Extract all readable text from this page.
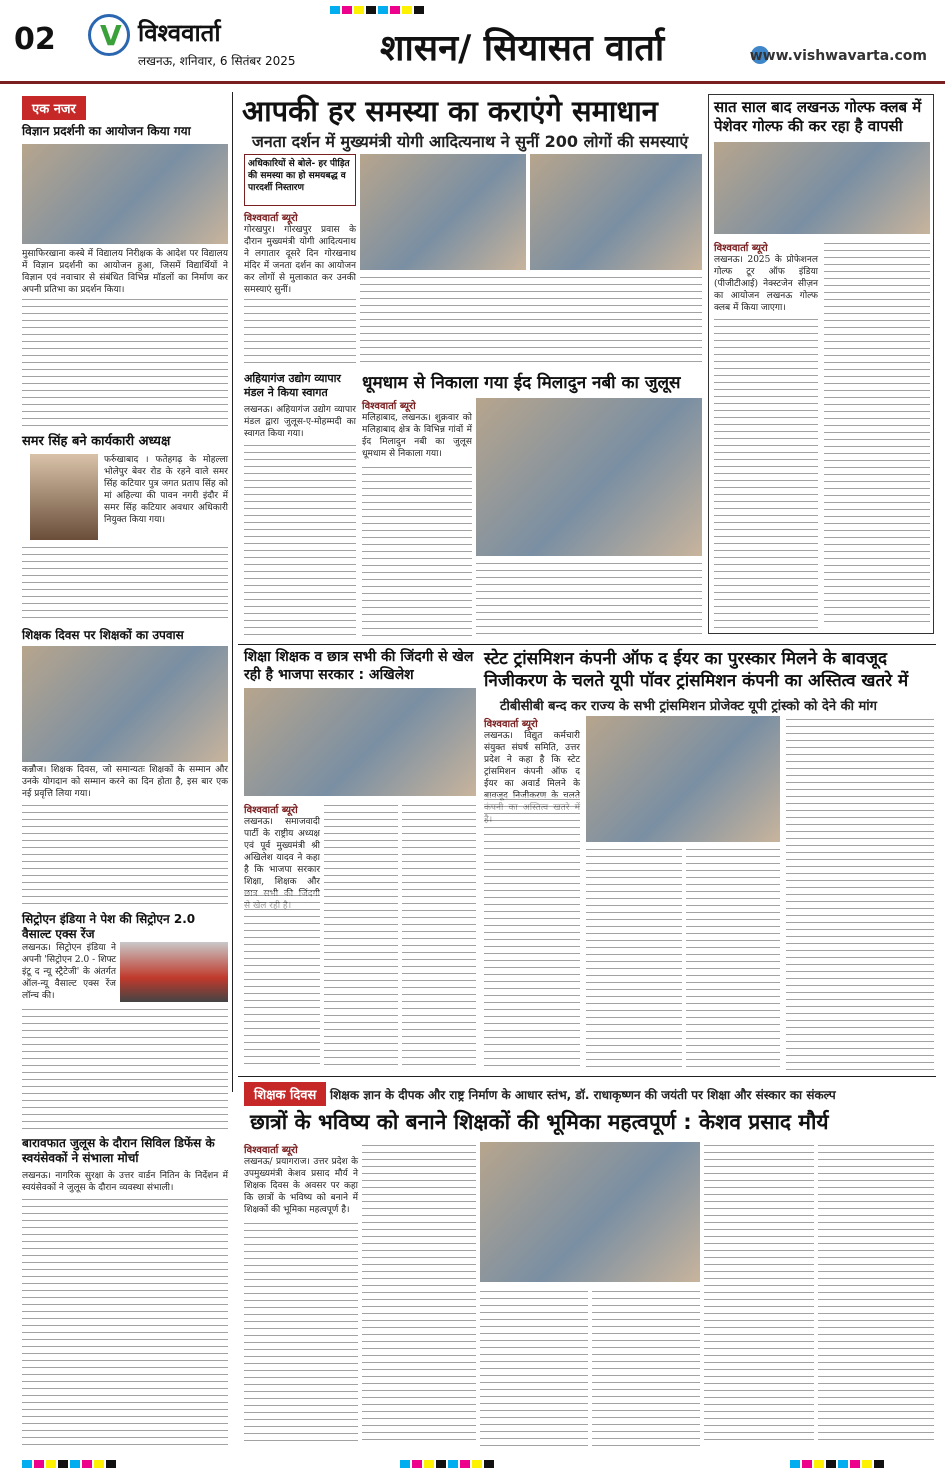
02
V	विश्ववार्ता
लखनऊ, शनिवार, 6 सितंबर 2025 शासन/ सियासत वार्ता	www.vishwavarta.com
एक नजर
विज्ञान प्रदर्शनी का आयोजन किया गया
मुसाफिरखाना कस्बे में विद्यालय निरीक्षक के आदेश पर विद्यालय में विज्ञान प्रदर्शनी का आयोजन हुआ, जिसमें विद्यार्थियों ने विज्ञान एवं नवाचार से संबंधित विभिन्न मॉडलों का निर्माण कर अपनी प्रतिभा का प्रदर्शन किया।
समर सिंह बने कार्यकारी अध्यक्ष
फर्रुखाबाद । फतेहगढ़ के मोहल्ला भोलेपुर बेवर रोड के रहने वाले समर सिंह कटियार पुत्र जगत प्रताप सिंह को मां अहिल्या की पावन नगरी इंदौर में समर सिंह कटियार अवधार अधिकारी नियुक्त किया गया।
शिक्षक दिवस पर शिक्षकों का उपवास
कन्नौज। शिक्षक दिवस, जो समान्यतः शिक्षकों के सम्मान और उनके योगदान को सम्मान करने का दिन होता है, इस बार एक नई प्रवृत्ति लिया गया।
सिट्रोएन इंडिया ने पेश की सिट्रोएन 2.0 वैसाल्ट एक्स रेंज
लखनऊ। सिट्रोएन इंडिया ने अपनी 'सिट्रोएन 2.0 - शिफ्ट इंटू द न्यू स्ट्रैटेजी' के अंतर्गत ऑल-न्यू वैसाल्ट एक्स रेंज लॉन्च की।
बारावफात जुलूस के दौरान सिविल डिफेंस के स्वयंसेवकों ने संभाला मोर्चा
लखनऊ। नागरिक सुरक्षा के उत्तर वार्डन नितिन के निर्देशन में स्वयंसेवकों ने जुलूस के दौरान व्यवस्था संभाली।
आपकी हर समस्या का कराएंगे समाधान
जनता दर्शन में मुख्यमंत्री योगी आदित्यनाथ ने सुनीं 200 लोगों की समस्याएं
अधिकारियों से बोले- हर पीड़ित की समस्या का हो समयबद्ध व पारदर्शी निस्तारण
विश्ववार्ता ब्यूरो
गोरखपुर। गोरखपुर प्रवास के दौरान मुख्यमंत्री योगी आदित्यनाथ ने लगातार दूसरे दिन गोरखनाथ मंदिर में जनता दर्शन का आयोजन कर लोगों से मुलाकात कर उनकी समस्याएं सुनीं।
सात साल बाद लखनऊ गोल्फ क्लब में पेशेवर गोल्फ की कर रहा है वापसी
विश्ववार्ता ब्यूरो
लखनऊ। 2025 के प्रोफेशनल गोल्फ टूर ऑफ इंडिया (पीजीटीआई) नेक्स्टजेन सीज़न का आयोजन लखनऊ गोल्फ क्लब में किया जाएगा।
अहियागंज उद्योग व्यापार मंडल ने किया स्वागत
लखनऊ। अहियागंज उद्योग व्यापार मंडल द्वारा जुलूस-ए-मोहम्मदी का स्वागत किया गया।
धूमधाम से निकाला गया ईद मिलादुन नबी का जुलूस
विश्ववार्ता ब्यूरो
मलिहाबाद, लखनऊ। शुक्रवार को मलिहाबाद क्षेत्र के विभिन्न गांवों में ईद मिलादुन नबी का जुलूस धूमधाम से निकाला गया।
शिक्षा शिक्षक व छात्र सभी की जिंदगी से खेल रही है भाजपा सरकार : अखिलेश
विश्ववार्ता ब्यूरो
लखनऊ। समाजवादी पार्टी के राष्ट्रीय अध्यक्ष एवं पूर्व मुख्यमंत्री श्री अखिलेश यादव ने कहा है कि भाजपा सरकार शिक्षा, शिक्षक और
स्टेट ट्रांसमिशन कंपनी ऑफ द ईयर का पुरस्कार मिलने के बावजूद निजीकरण के चलते यूपी पॉवर ट्रांसमिशन कंपनी का अस्तित्व खतरे में
टीबीसीबी बन्द कर राज्य के सभी ट्रांसमिशन प्रोजेक्ट यूपी ट्रांस्को को देने की मांग
विश्ववार्ता ब्यूरो
लखनऊ। विद्युत कर्मचारी संयुक्त संघर्ष समिति, उत्तर प्रदेश ने कहा है कि स्टेट ट्रांसमिशन कंपनी ऑफ द ईयर का अवार्ड मिलने के
शिक्षक दिवस	शिक्षक ज्ञान के दीपक और राष्ट्र निर्माण के आधार स्तंभ, डॉ. राधाकृष्णन की जयंती पर शिक्षा और संस्कार का संकल्प
छात्रों के भविष्य को बनाने शिक्षकों की भूमिका महत्वपूर्ण : केशव प्रसाद मौर्य
विश्ववार्ता ब्यूरो
लखनऊ/ प्रयागराज। उत्तर प्रदेश के उपमुख्यमंत्री केशव प्रसाद मौर्य ने शिक्षक दिवस के अवसर पर कहा कि छात्रों के भविष्य को बनाने में शिक्षकों की भूमिका महत्वपूर्ण है।
